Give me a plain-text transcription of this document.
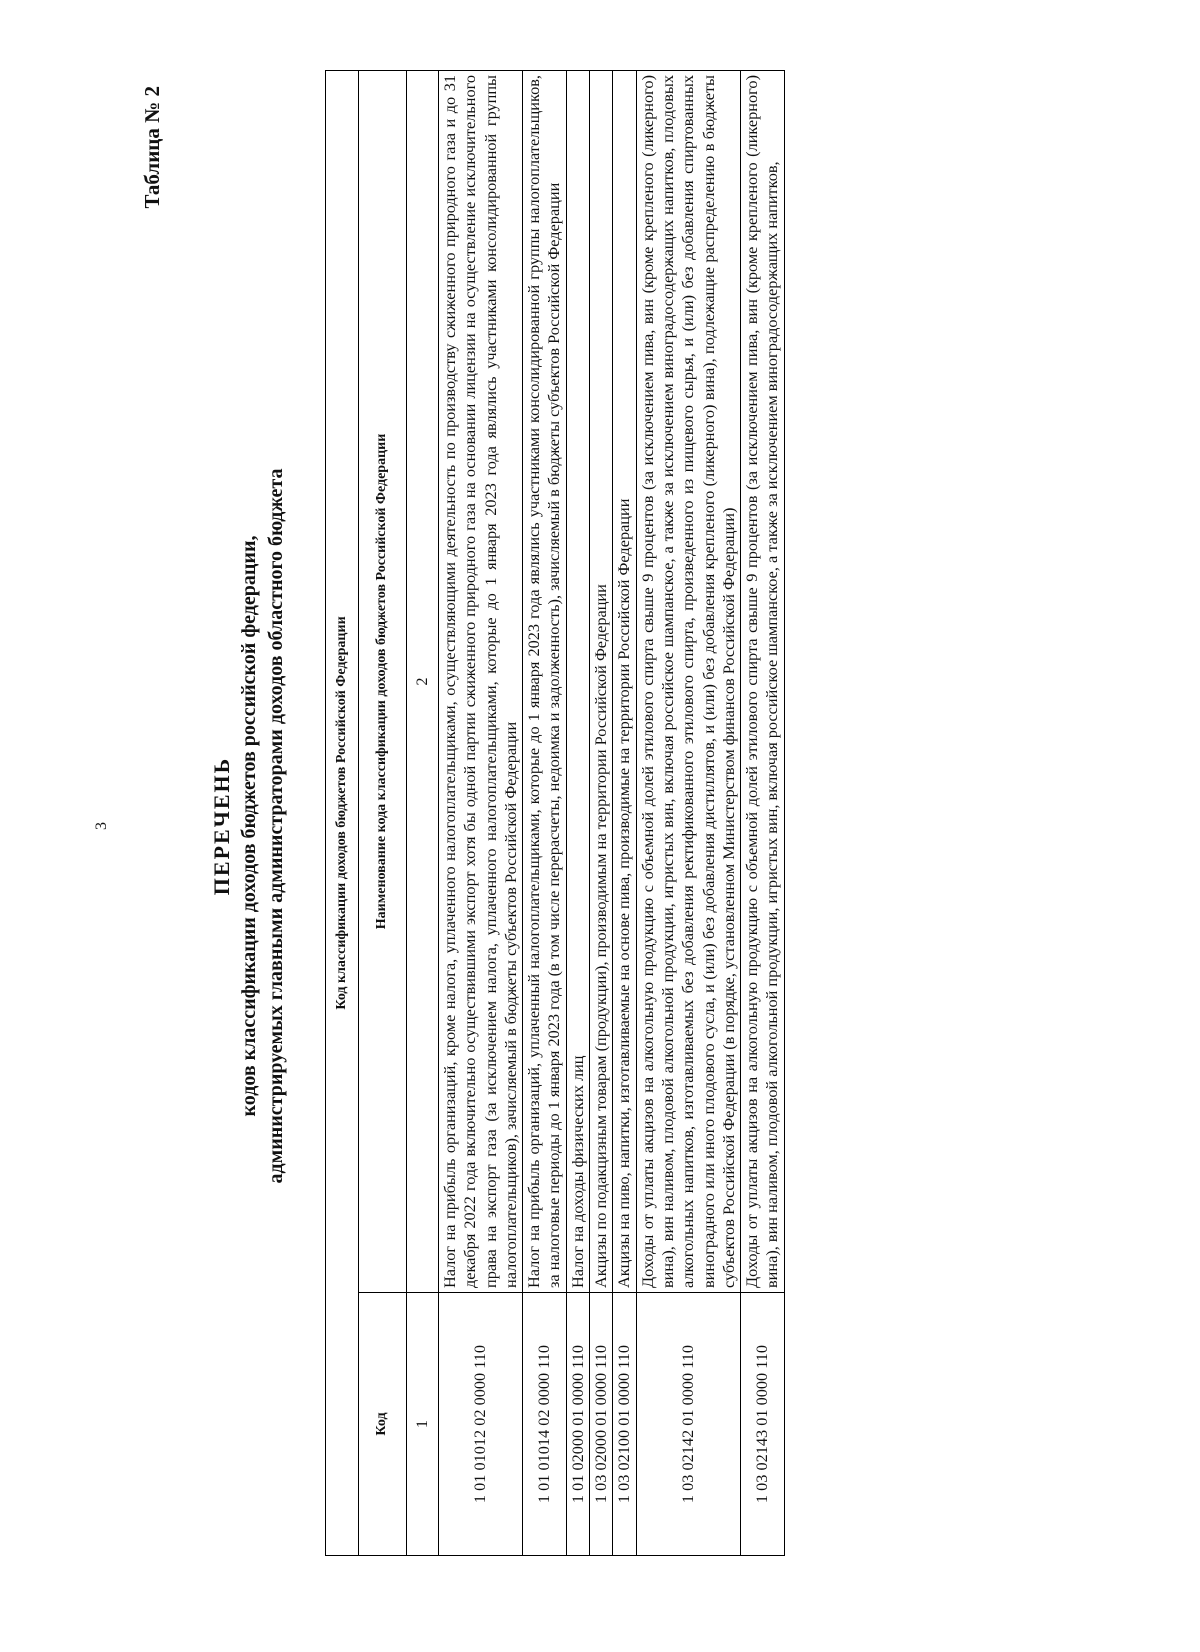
3
Таблица № 2
ПЕРЕЧЕНЬ кодов классификации доходов бюджетов российской федерации, администрируемых главными администраторами доходов областного бюджета	Код классификации доходов бюджетов Российской Федерации	
Код	Наименование кода классификации доходов бюджетов Российской Федерации
1	2
1 01 01012 02 0000 110	Налог на прибыль организаций, кроме налога, уплаченного налогоплательщиками, осуществляющими деятельность по производству сжиженного природного газа и до 31 декабря 2022 года включительно осуществившими экспорт хотя бы одной партии сжиженного природного газа на основании лицензии на осуществление исключительного права на экспорт газа (за исключением налога, уплаченного налогоплательщиками, которые до 1 января 2023 года являлись участниками консолидированной группы налогоплательщиков), зачисляемый в бюджеты субъектов Российской Федерации
1 01 01014 02 0000 110	Налог на прибыль организаций, уплаченный налогоплательщиками, которые до 1 января 2023 года являлись участниками консолидированной группы налогоплательщиков, за налоговые периоды до 1 января 2023 года (в том числе перерасчеты, недоимка и задолженность), зачисляемый в бюджеты субъектов Российской Федерации
1 01 02000 01 0000 110	Налог на доходы физических лиц
1 03 02000 01 0000 110	Акцизы по подакцизным товарам (продукции), производимым на территории Российской Федерации
1 03 02100 01 0000 110	Акцизы на пиво, напитки, изготавливаемые на основе пива, производимые на территории Российской Федерации
1 03 02142 01 0000 110	Доходы от уплаты акцизов на алкогольную продукцию с объемной долей этилового спирта свыше 9 процентов (за исключением пива, вин (кроме крепленого (ликерного) вина), вин наливом, плодовой алкогольной продукции, игристых вин, включая российское шампанское, а также за исключением виноградосодержащих напитков, плодовых алкогольных напитков, изготавливаемых без добавления ректификованного этилового спирта, произведенного из пищевого сырья, и (или) без добавления спиртованных виноградного или иного плодового сусла, и (или) без добавления дистиллятов, и (или) без добавления крепленого (ликерного) вина), подлежащие распределению в бюджеты субъектов Российской Федерации (в порядке, установленном Министерством финансов Российской Федерации)
1 03 02143 01 0000 110	Доходы от уплаты акцизов на алкогольную продукцию с объемной долей этилового спирта свыше 9 процентов (за исключением пива, вин (кроме крепленого (ликерного) вина), вин наливом, плодовой алкогольной продукции, игристых вин, включая российское шампанское, а также за исключением виноградосодержащих напитков,
